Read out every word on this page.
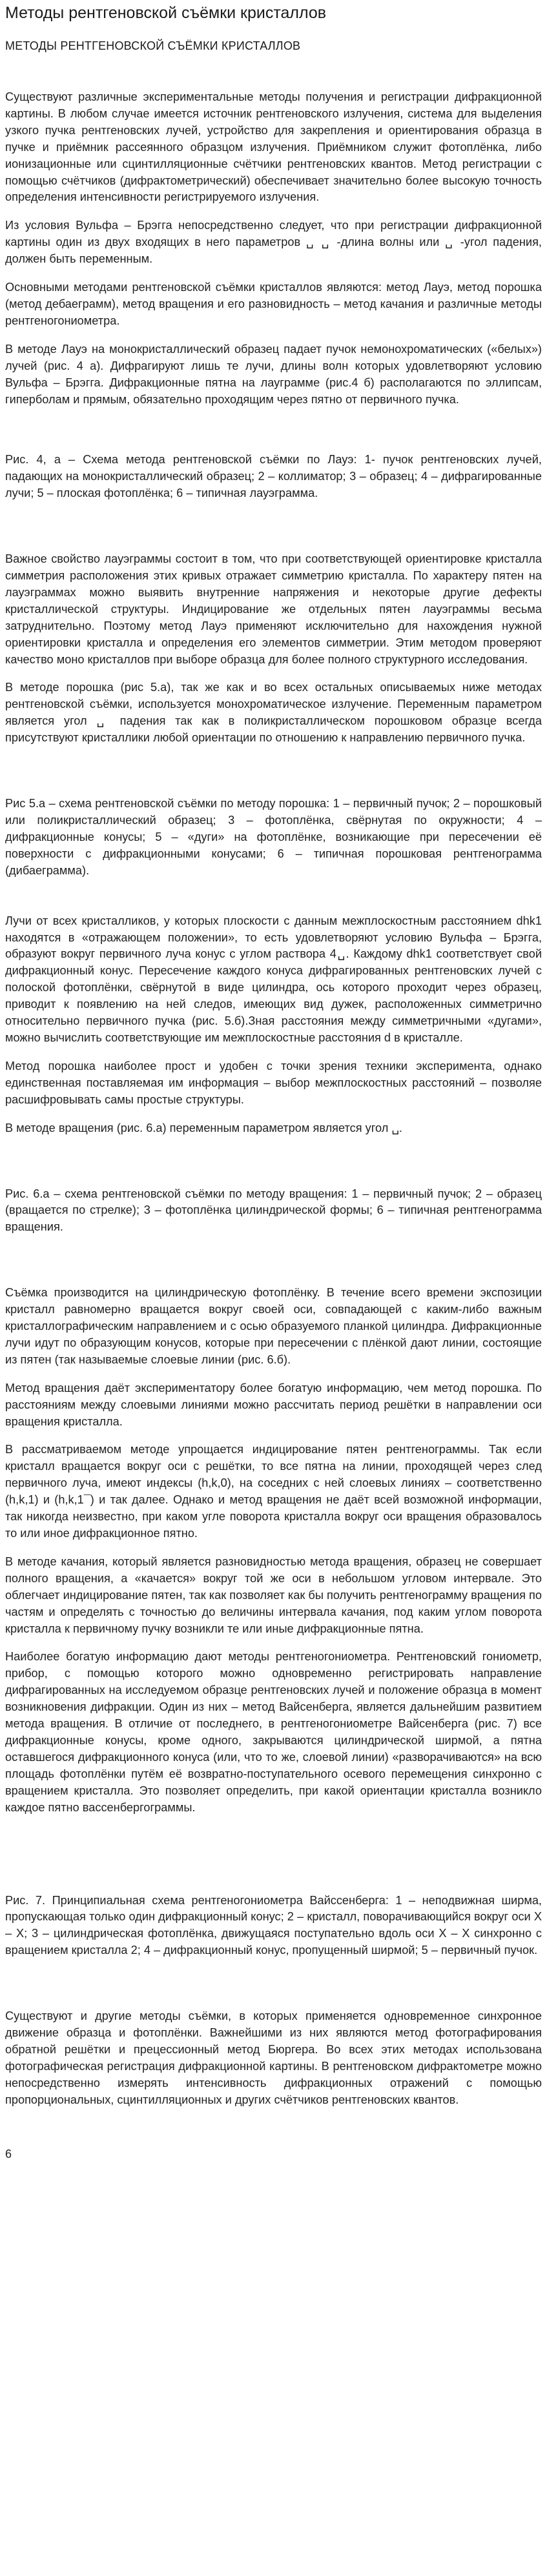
Методы рентгеновской съёмки кристаллов
МЕТОДЫ РЕНТГЕНОВСКОЙ СЪЁМКИ КРИСТАЛЛОВ

Существуют различные экспериментальные методы получения и регистрации дифракционной картины. В любом случае имеется источник рентгеновского излучения, система для выделения узкого пучка рентгеновских лучей, устройство для закрепления и ориентирования образца в пучке и приёмник рассеянного образцом излучения. Приёмником служит фотоплёнка, либо ионизационные или сцинтилляционные счётчики рентгеновских квантов. Метод регистрации с помощью счётчиков (дифрактометрический) обеспечивает значительно более высокую точность определения интенсивности регистрируемого излучения.

Из условия Вульфа – Брэгга непосредственно следует, что при регистрации дифракционной картины один из двух входящих в него параметров ␣ ␣ -длина волны или ␣ -угол падения, должен быть переменным.

Основными методами рентгеновской съёмки кристаллов являются: метод Лауэ, метод порошка (метод дебаеграмм), метод вращения и его разновидность – метод качания и различные методы рентгеногониометра.

В методе Лауэ на монокристаллический образец падает пучок немонохроматических («белых») лучей (рис. 4 а). Дифрагируют лишь те лучи, длины волн которых удовлетворяют условию Вульфа – Брэгга. Дифракционные пятна на лауграмме (рис.4 б) располагаются по эллипсам, гиперболам и прямым, обязательно проходящим через пятно от первичного пучка.

Рис. 4, а – Схема метода рентгеновской съёмки по Лауэ: 1- пучок рентгеновских лучей, падающих на монокристаллический образец; 2 – коллиматор; 3 – образец; 4 – дифрагированные лучи; 5 – плоская фотоплёнка; 6 – типичная лауэграмма.

Важное свойство лауэграммы состоит в том, что при соответствующей ориентировке кристалла симметрия расположения этих кривых отражает симметрию кристалла. По характеру пятен на лауэграммах можно выявить внутренние напряжения и некоторые другие дефекты кристаллической структуры. Индицирование же отдельных пятен лауэграммы весьма затруднительно. Поэтому метод Лауэ применяют исключительно для нахождения нужной ориентировки кристалла и определения его элементов симметрии. Этим методом проверяют качество моно кристаллов при выборе образца для более полного структурного исследования.

В методе порошка (рис 5.а), так же как и во всех остальных описываемых ниже методах рентгеновской съёмки, используется монохроматическое излучение. Переменным параметром является угол ␣ падения так как в поликристаллическом порошковом образце всегда присутствуют кристаллики любой ориентации по отношению к направлению первичного пучка.

Рис 5.а – схема рентгеновской съёмки по методу порошка: 1 – первичный пучок; 2 – порошковый или поликристаллический образец; 3 – фотоплёнка, свёрнутая по окружности; 4 – дифракционные конусы; 5 – «дуги» на фотоплёнке, возникающие при пересечении её поверхности с дифракционными конусами; 6 – типичная порошковая рентгенограмма (дибаеграмма).

Лучи от всех кристалликов, у которых плоскости с данным межплоскостным расстоянием dhk1 находятся в «отражающем положении», то есть удовлетворяют условию Вульфа – Брэгга, образуют вокруг первичного луча конус с углом раствора 4␣. Каждому dhk1 соответствует свой дифракционный конус. Пересечение каждого конуса дифрагированных рентгеновских лучей с полоской фотоплёнки, свёрнутой в виде цилиндра, ось которого проходит через образец, приводит к появлению на ней следов, имеющих вид дужек, расположенных симметрично относительно первичного пучка (рис. 5.б).Зная расстояния между симметричными «дугами», можно вычислить соответствующие им межплоскостные расстояния d в кристалле.

Метод порошка наиболее прост и удобен с точки зрения техники эксперимента, однако единственная поставляемая им информация – выбор межплоскостных расстояний – позволяе расшифровывать самы простые структуры.

В методе вращения (рис. 6.а) переменным параметром является угол ␣.

Рис. 6.а – схема рентгеновской съёмки по методу вращения: 1 – первичный пучок; 2 – образец (вращается по стрелке); 3 – фотоплёнка цилиндрической формы; 6 – типичная рентгенограмма вращения.

Съёмка производится на цилиндрическую фотоплёнку. В течение всего времени экспозиции кристалл равномерно вращается вокруг своей оси, совпадающей с каким-либо важным кристаллографическим направлением и с осью образуемого планкой цилиндра. Дифракционные лучи идут по образующим конусов, которые при пересечении с плёнкой дают линии, состоящие из пятен (так называемые слоевые линии (рис. 6.б).

Метод вращения даёт экспериментатору более богатую информацию, чем метод порошка. По расстояниям между слоевыми линиями можно рассчитать период решётки в направлении оси вращения кристалла.

В рассматриваемом методе упрощается индицирование пятен рентгенограммы. Так если кристалл вращается вокруг оси с решётки, то все пятна на линии, проходящей через след первичного луча, имеют индексы (h,k,0), на соседних с ней слоевых линиях – соответственно (h,k,1) и (h,k,1¯) и так далее. Однако и метод вращения не даёт всей возможной информации, так никогда неизвестно, при каком угле поворота кристалла вокруг оси вращения образовалось то или иное дифракционное пятно.

В методе качания, который является разновидностью метода вращения, образец не совершает полного вращения, а «качается» вокруг той же оси в небольшом угловом интервале. Это облегчает индицирование пятен, так как позволяет как бы получить рентгенограмму вращения по частям и определять с точностью до величины интервала качания, под каким углом поворота кристалла к первичному пучку возникли те или иные дифракционные пятна.

Наиболее богатую информацию дают методы рентгеногониометра. Рентгеновский гониометр, прибор, с помощью которого можно одновременно регистрировать направление дифрагированных на исследуемом образце рентгеновских лучей и положение образца в момент возникновения дифракции. Один из них – метод Вайсенберга, является дальнейшим развитием метода вращения. В отличие от последнего, в рентгеногониометре Вайсенберга (рис. 7) все дифракционные конусы, кроме одного, закрываются цилиндрической ширмой, а пятна оставшегося дифракционного конуса (или, что то же, слоевой линии) «разворачиваются» на всю площадь фотоплёнки путём её возвратно-поступательного осевого перемещения синхронно с вращением кристалла. Это позволяет определить, при какой ориентации кристалла возникло каждое пятно вассенбергограммы.

Рис. 7. Принципиальная схема рентгеногониометра Вайссенберга: 1 – неподвижная ширма, пропускающая только один дифракционный конус; 2 – кристалл, поворачивающийся вокруг оси X – X; 3 – цилиндрическая фотоплёнка, движущаяся поступательно вдоль оси X – X синхронно с вращением кристалла 2; 4 – дифракционный конус, пропущенный ширмой; 5 – первичный пучок.

Существуют и другие методы съёмки, в которых применяется одновременное синхронное движение образца и фотоплёнки. Важнейшими из них являются метод фотографирования обратной решётки и прецессионный метод Бюргера. Во всех этих методах использована фотографическая регистрация дифракционной картины. В рентгеновском дифрактометре можно непосредственно измерять интенсивность дифракционных отражений с помощью пропорциональных, сцинтилляционных и других счётчиков рентгеновских квантов.

6
